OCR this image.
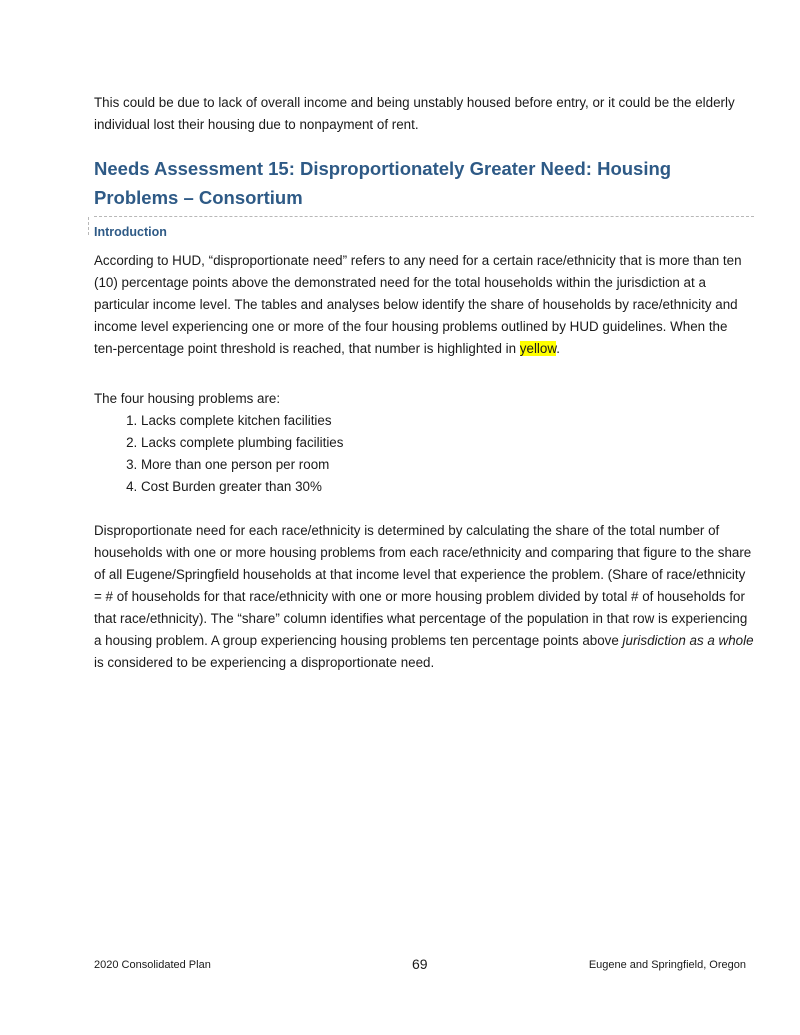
This could be due to lack of overall income and being unstably housed before entry, or it could be the elderly individual lost their housing due to nonpayment of rent.

Needs Assessment 15: Disproportionately Greater Need: Housing Problems – Consortium

Introduction

According to HUD, “disproportionate need” refers to any need for a certain race/ethnicity that is more than ten (10) percentage points above the demonstrated need for the total households within the jurisdiction at a particular income level. The tables and analyses below identify the share of households by race/ethnicity and income level experiencing one or more of the four housing problems outlined by HUD guidelines. When the ten-percentage point threshold is reached, that number is highlighted in yellow.

The four housing problems are:

1. Lacks complete kitchen facilities
2. Lacks complete plumbing facilities
3. More than one person per room
4. Cost Burden greater than 30%

Disproportionate need for each race/ethnicity is determined by calculating the share of the total number of households with one or more housing problems from each race/ethnicity and comparing that figure to the share of all Eugene/Springfield households at that income level that experience the problem. (Share of race/ethnicity = # of households for that race/ethnicity with one or more housing problem divided by total # of households for that race/ethnicity). The “share” column identifies what percentage of the population in that row is experiencing a housing problem. A group experiencing housing problems ten percentage points above jurisdiction as a whole is considered to be experiencing a disproportionate need.

2020 Consolidated Plan	69	Eugene and Springfield, Oregon
